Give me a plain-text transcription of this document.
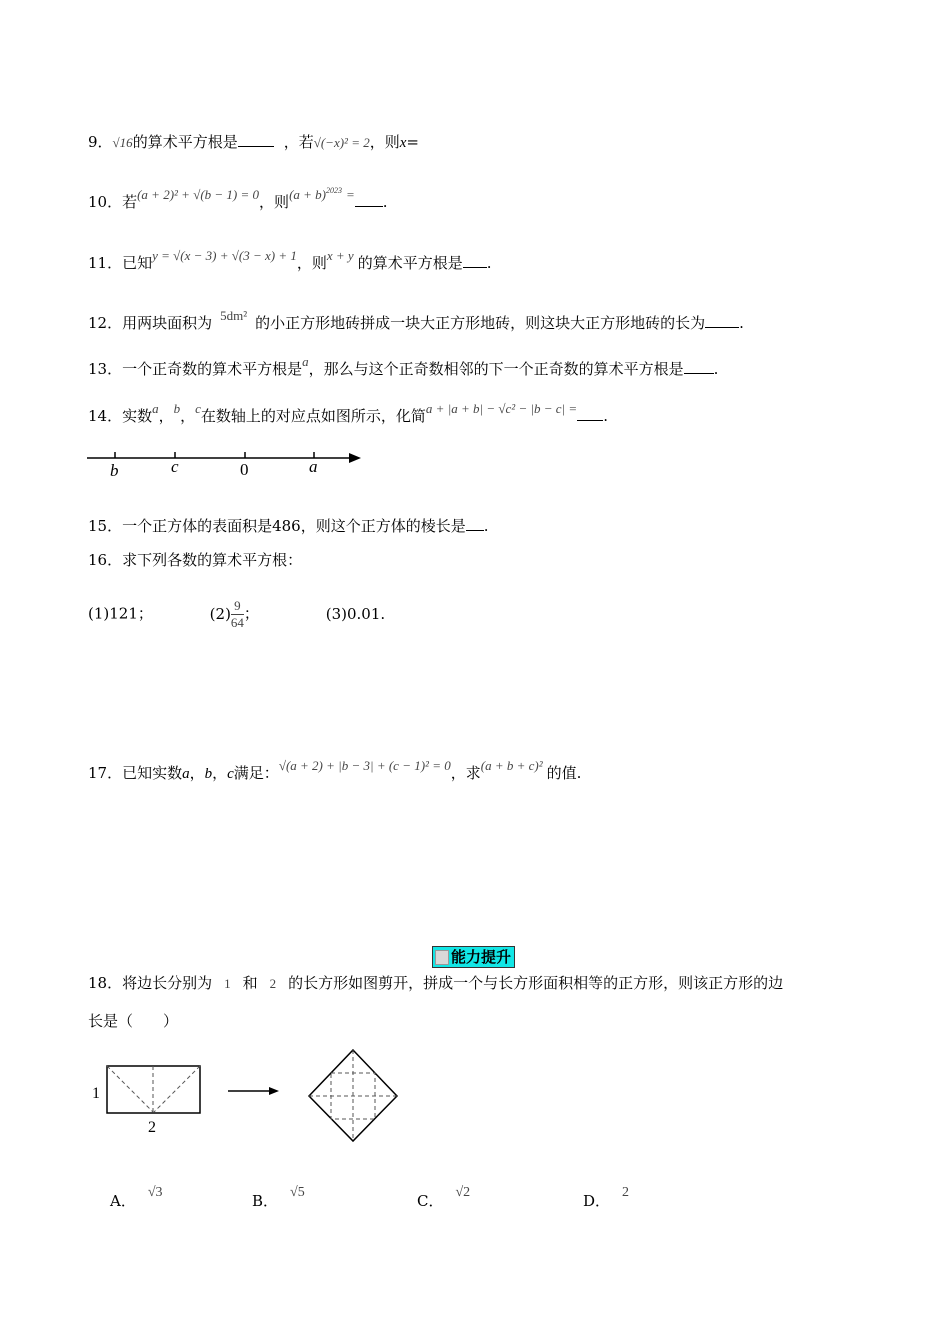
9．√16的算术平方根是	，若√(−x)² = 2，则x=
10．若(a + 2)² + √(b − 1) = 0，则$(a + b)^{2023}$ = .
11．已知y = √(x − 3) + √(3 − x) + 1，则x + y 的算术平方根是 .
12．用两块面积为 5dm² 的小正方形地砖拼成一块大正方形地砖，则这块大正方形地砖的长为 .
13．一个正奇数的算术平方根是a，那么与这个正奇数相邻的下一个正奇数的算术平方根是 .
14．实数a，b，c在数轴上的对应点如图所示，化简a + |a + b| − √c² − |b − c| = .
b	c	0	a
15．一个正方体的表面积是486，则这个正方体的棱长是 .
16．求下列各数的算术平方根：
(1)121；	$(2) \frac{9}{64}$ ；	(3)0.01.
17．已知实数a，b，c满足：√(a + 2) + |b − 3| + (c − 1)² = 0，求(a + b + c)² 的值.
能力提升
18．将边长分别为 1 和 2 的长方形如图剪开，拼成一个与长方形面积相等的正方形，则该正方形的边
长是（　　）
1
2
A． √3	B． √5	C． √2	D． 2
